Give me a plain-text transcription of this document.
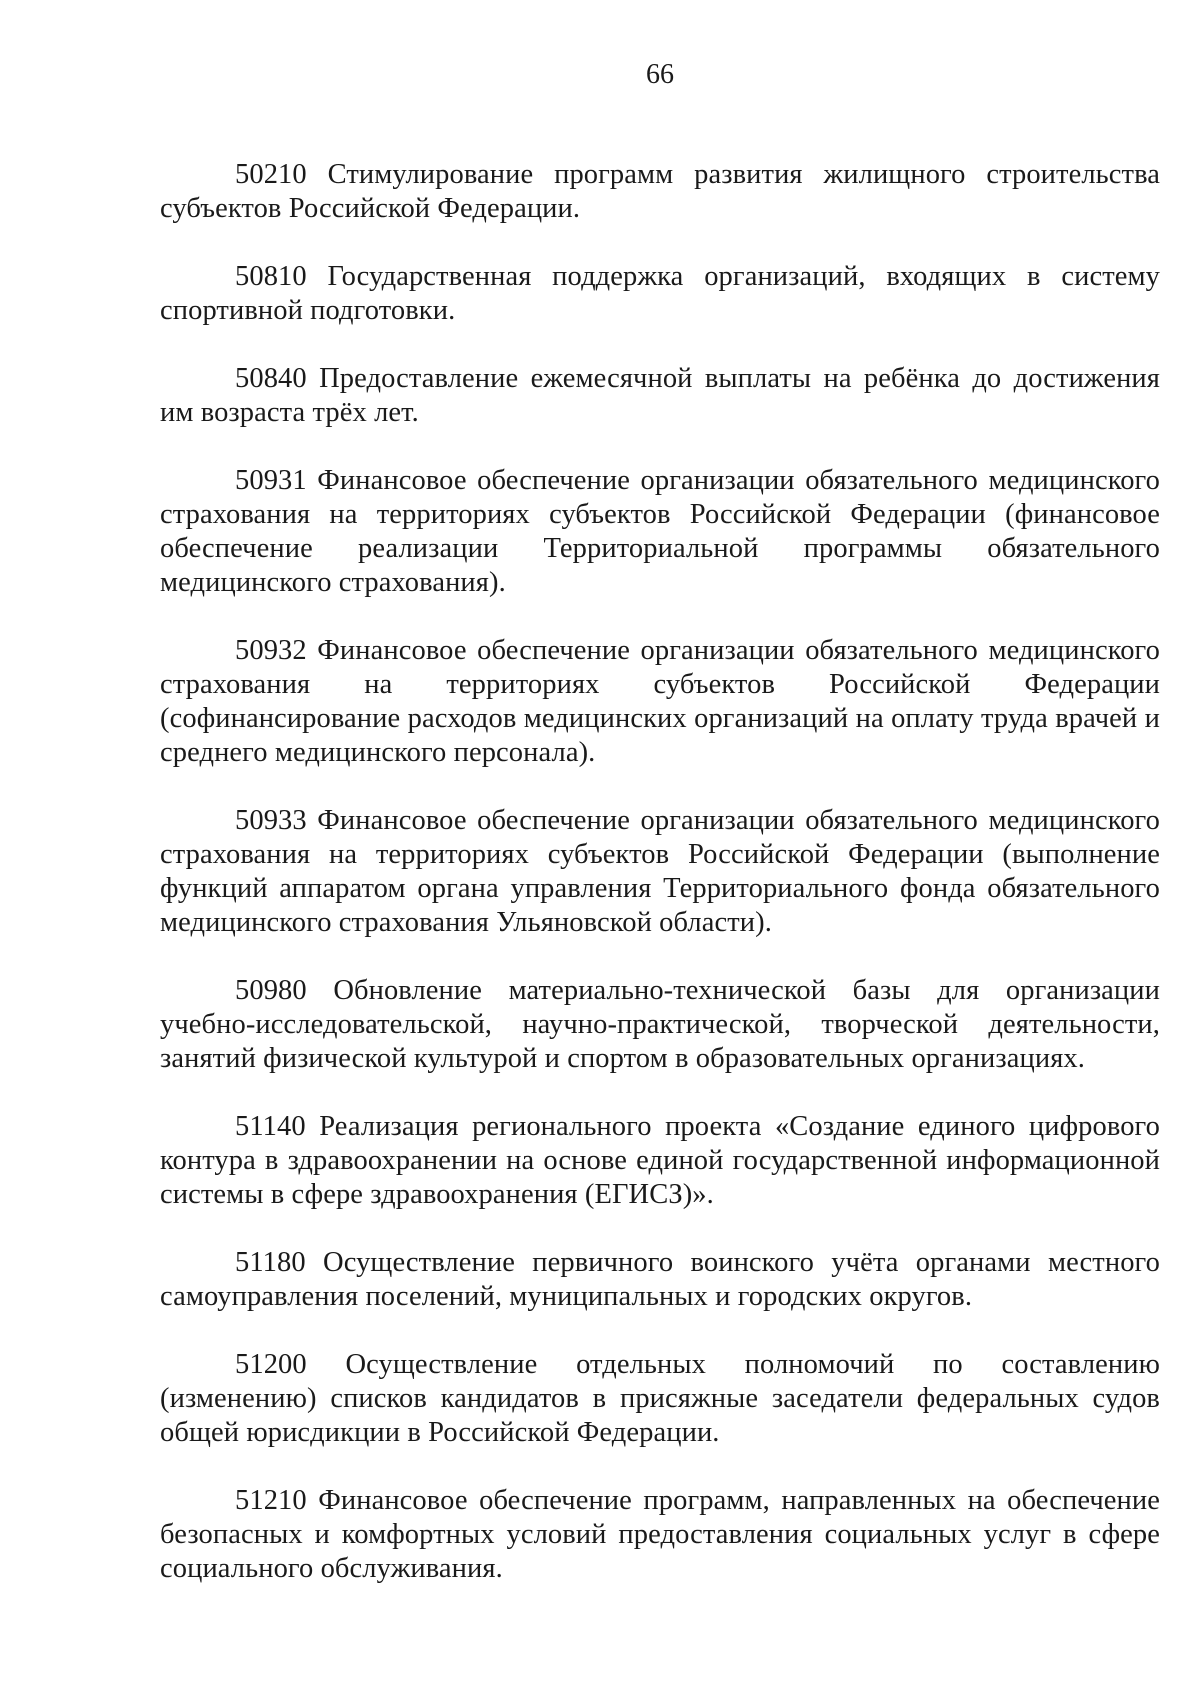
66

50210 Стимулирование программ развития жилищного строительства субъектов Российской Федерации.

50810 Государственная поддержка организаций, входящих в систему спортивной подготовки.

50840 Предоставление ежемесячной выплаты на ребёнка до достижения им возраста трёх лет.

50931 Финансовое обеспечение организации обязательного медицинского страхования на территориях субъектов Российской Федерации (финансовое обеспечение реализации Территориальной программы обязательного медицинского страхования).

50932 Финансовое обеспечение организации обязательного медицинского страхования на территориях субъектов Российской Федерации (софинансирование расходов медицинских организаций на оплату труда врачей и среднего медицинского персонала).

50933 Финансовое обеспечение организации обязательного медицинского страхования на территориях субъектов Российской Федерации (выполнение функций аппаратом органа управления Территориального фонда обязательного медицинского страхования Ульяновской области).

50980 Обновление материально-технической базы для организации учебно-исследовательской, научно-практической, творческой деятельности, занятий физической культурой и спортом в образовательных организациях.

51140 Реализация регионального проекта «Создание единого цифрового контура в здравоохранении на основе единой государственной информационной системы в сфере здравоохранения (ЕГИСЗ)».

51180 Осуществление первичного воинского учёта органами местного самоуправления поселений, муниципальных и городских округов.

51200 Осуществление отдельных полномочий по составлению (изменению) списков кандидатов в присяжные заседатели федеральных судов общей юрисдикции в Российской Федерации.

51210 Финансовое обеспечение программ, направленных на обеспечение безопасных и комфортных условий предоставления социальных услуг в сфере социального обслуживания.
